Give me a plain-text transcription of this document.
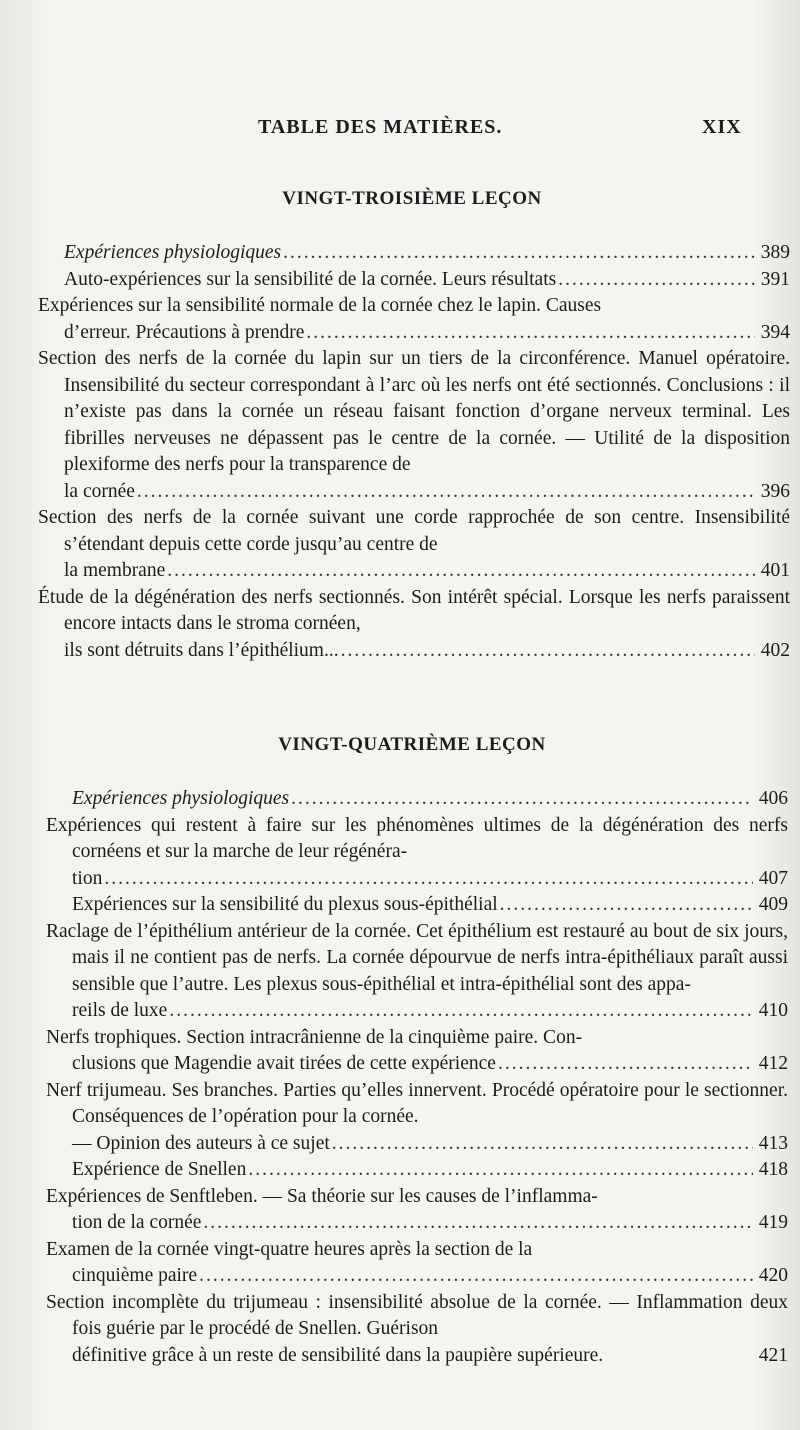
TABLE DES MATIÈRES.	XIX
VINGT-TROISIÈME LEÇON
Expériences physiologiques .....	389
Auto-expériences sur la sensibilité de la cornée. Leurs résultats .....	391
Expériences sur la sensibilité normale de la cornée chez le lapin. Causes
d’erreur. Précautions à prendre .....	394
Section des nerfs de la cornée du lapin sur un tiers de la circonférence. Manuel opératoire. Insensibilité du secteur correspondant à l’arc où les nerfs ont été sectionnés. Conclusions : il n’existe pas dans la cornée un réseau faisant fonction d’organe nerveux terminal. Les fibrilles nerveuses ne dépassent pas le centre de la cornée. — Utilité de la disposition plexiforme des nerfs pour la transparence de
la cornée .....	396
Section des nerfs de la cornée suivant une corde rapprochée de son centre. Insensibilité s’étendant depuis cette corde jusqu’au centre de
la membrane .....	401
Étude de la dégénération des nerfs sectionnés. Son intérêt spécial. Lorsque les nerfs paraissent encore intacts dans le stroma cornéen,
ils sont détruits dans l’épithélium... .....	402
VINGT-QUATRIÈME LEÇON
Expériences physiologiques .....	406
Expériences qui restent à faire sur les phénomènes ultimes de la dégénération des nerfs cornéens et sur la marche de leur régénéra-
tion .....	407
Expériences sur la sensibilité du plexus sous-épithélial .....	409
Raclage de l’épithélium antérieur de la cornée. Cet épithélium est restauré au bout de six jours, mais il ne contient pas de nerfs. La cornée dépourvue de nerfs intra-épithéliaux paraît aussi sensible que l’autre. Les plexus sous-épithélial et intra-épithélial sont des appa-
reils de luxe .....	410
Nerfs trophiques. Section intracrânienne de la cinquième paire. Con-
clusions que Magendie avait tirées de cette expérience .....	412
Nerf trijumeau. Ses branches. Parties qu’elles innervent. Procédé opératoire pour le sectionner. Conséquences de l’opération pour la cornée.
— Opinion des auteurs à ce sujet .....	413
Expérience de Snellen .....	418
Expériences de Senftleben. — Sa théorie sur les causes de l’inflamma-
tion de la cornée .....	419
Examen de la cornée vingt-quatre heures après la section de la
cinquième paire .....	420
Section incomplète du trijumeau : insensibilité absolue de la cornée. — Inflammation deux fois guérie par le procédé de Snellen. Guérison
définitive grâce à un reste de sensibilité dans la paupière supérieure.	421
